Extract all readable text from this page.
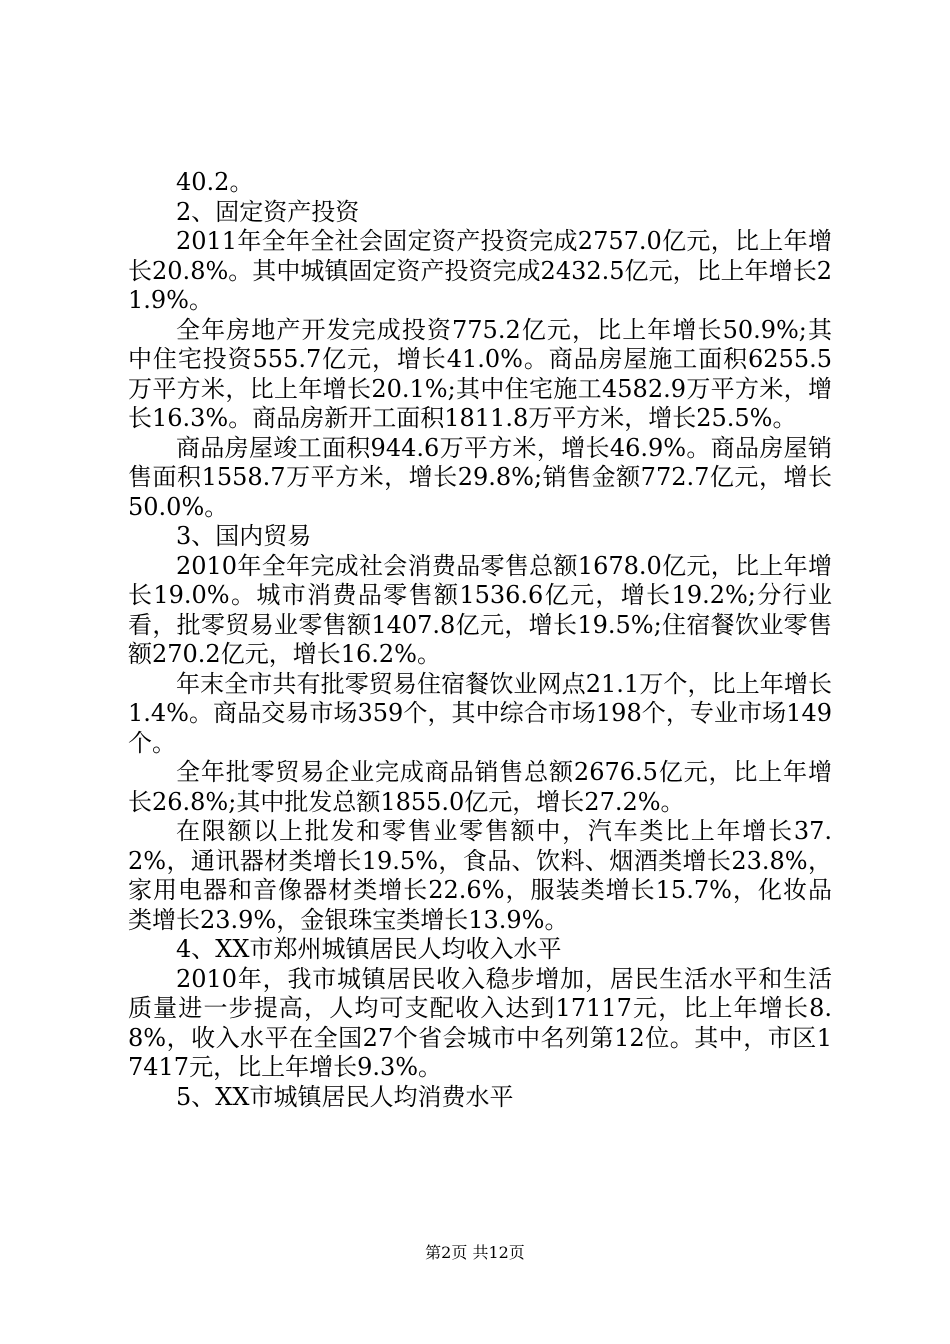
40.2。

2、固定资产投资

2011年全年全社会固定资产投资完成2757.0亿元，比上年增长20.8%。其中城镇固定资产投资完成2432.5亿元，比上年增长21.9%。

全年房地产开发完成投资775.2亿元，比上年增长50.9%;其中住宅投资555.7亿元，增长41.0%。商品房屋施工面积6255.5万平方米，比上年增长20.1%;其中住宅施工4582.9万平方米，增长16.3%。商品房新开工面积1811.8万平方米，增长25.5%。

商品房屋竣工面积944.6万平方米，增长46.9%。商品房屋销售面积1558.7万平方米，增长29.8%;销售金额772.7亿元，增长50.0%。

3、国内贸易

2010年全年完成社会消费品零售总额1678.0亿元，比上年增长19.0%。城市消费品零售额1536.6亿元，增长19.2%;分行业看，批零贸易业零售额1407.8亿元，增长19.5%;住宿餐饮业零售额270.2亿元，增长16.2%。

年末全市共有批零贸易住宿餐饮业网点21.1万个，比上年增长1.4%。商品交易市场359个，其中综合市场198个，专业市场149个。

全年批零贸易企业完成商品销售总额2676.5亿元，比上年增长26.8%;其中批发总额1855.0亿元，增长27.2%。

在限额以上批发和零售业零售额中，汽车类比上年增长37.2%，通讯器材类增长19.5%，食品、饮料、烟酒类增长23.8%，家用电器和音像器材类增长22.6%，服装类增长15.7%，化妆品类增长23.9%，金银珠宝类增长13.9%。

4、XX市郑州城镇居民人均收入水平

2010年，我市城镇居民收入稳步增加，居民生活水平和生活质量进一步提高，人均可支配收入达到17117元，比上年增长8.8%，收入水平在全国27个省会城市中名列第12位。其中，市区17417元，比上年增长9.3%。

5、XX市城镇居民人均消费水平

第2页 共12页
